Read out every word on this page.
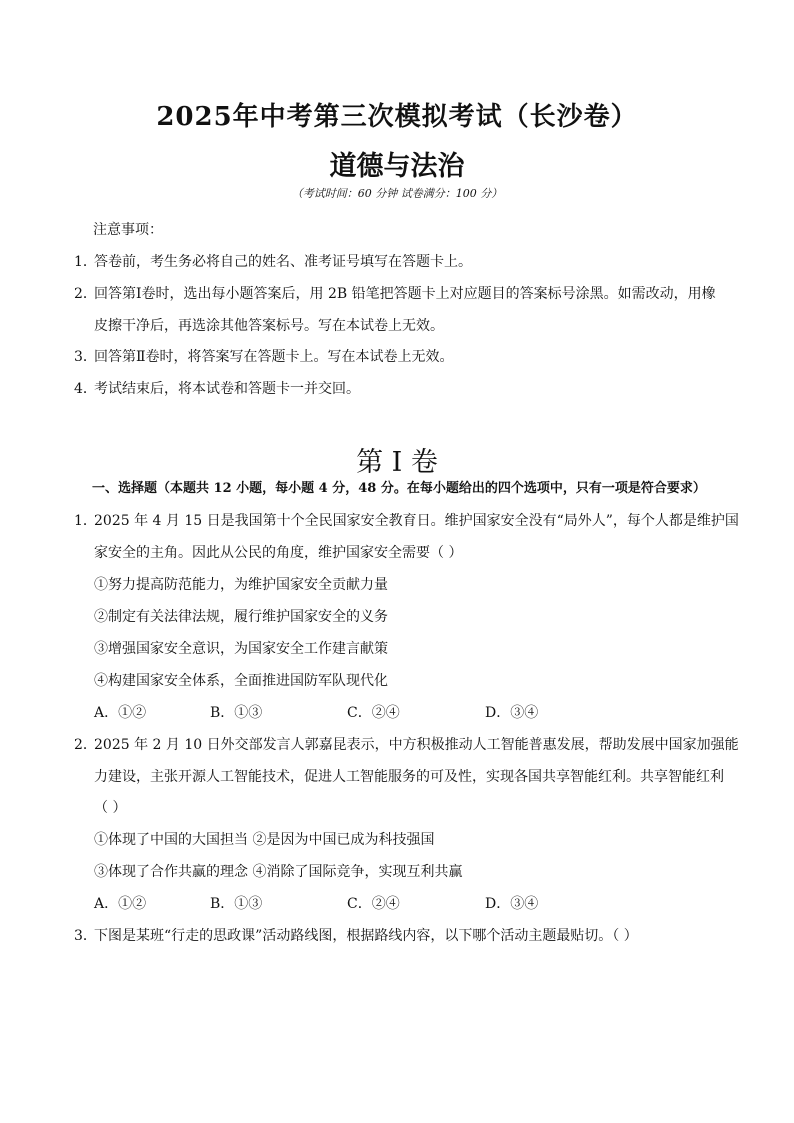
2025年中考第三次模拟考试（长沙卷）
道德与法治
（考试时间：60 分钟 试卷满分：100 分）
注意事项：
1．答卷前，考生务必将自己的姓名、准考证号填写在答题卡上。
2．回答第Ⅰ卷时，选出每小题答案后，用 2B 铅笔把答题卡上对应题目的答案标号涂黑。如需改动，用橡
皮擦干净后，再选涂其他答案标号。写在本试卷上无效。
3．回答第Ⅱ卷时，将答案写在答题卡上。写在本试卷上无效。
4．考试结束后，将本试卷和答题卡一并交回。
第 I 卷
一、选择题（本题共 12 小题，每小题 4 分，48 分。在每小题给出的四个选项中，只有一项是符合要求）
1．2025 年 4 月 15 日是我国第十个全民国家安全教育日。维护国家安全没有“局外人”，每个人都是维护国
家安全的主角。因此从公民的角度，维护国家安全需要（ ）
①努力提高防范能力，为维护国家安全贡献力量
②制定有关法律法规，履行维护国家安全的义务
③增强国家安全意识，为国家安全工作建言献策
④构建国家安全体系，全面推进国防军队现代化
A．①②	B．①③	C．②④	D．③④
2．2025 年 2 月 10 日外交部发言人郭嘉昆表示，中方积极推动人工智能普惠发展，帮助发展中国家加强能
力建设，主张开源人工智能技术，促进人工智能服务的可及性，实现各国共享智能红利。共享智能红利
（ ）
①体现了中国的大国担当 ②是因为中国已成为科技强国
③体现了合作共赢的理念 ④消除了国际竞争，实现互利共赢
A．①②	B．①③	C．②④	D．③④
3．下图是某班“行走的思政课”活动路线图，根据路线内容，以下哪个活动主题最贴切。（ ）
